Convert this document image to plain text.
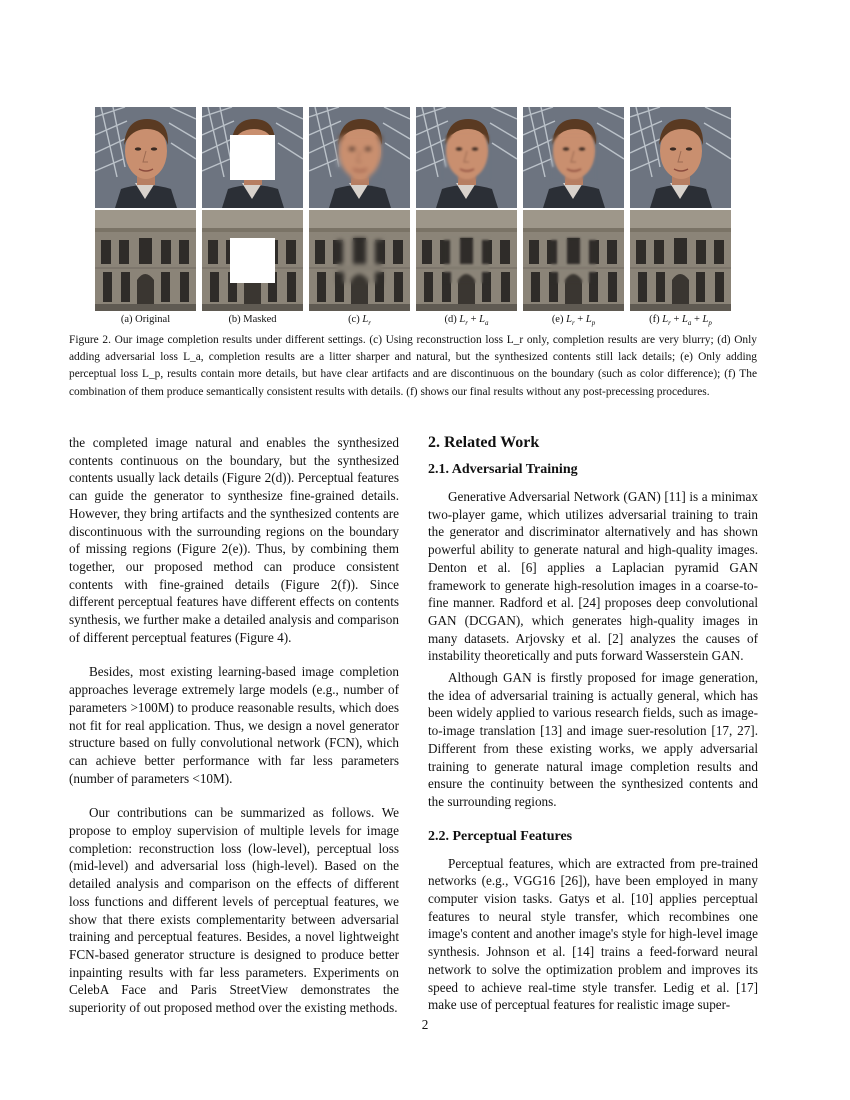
(a) Original	(b) Masked	(c) $L_r$	(d) $L_r + L_a$	(e) $L_r + L_p$	(f) $L_r + L_a + L_p$
Figure 2. Our image completion results under different settings. (c) Using reconstruction loss L_r only, completion results are very blurry; (d) Only adding adversarial loss L_a, completion results are a litter sharper and natural, but the synthesized contents still lack details; (e) Only adding perceptual loss L_p, results contain more details, but have clear artifacts and are discontinuous on the boundary (such as color difference); (f) The combination of them produce semantically consistent results with details. (f) shows our final results without any post-precessing procedures.

the completed image natural and enables the synthesized contents continuous on the boundary, but the synthesized contents usually lack details (Figure 2(d)). Perceptual features can guide the generator to synthesize fine-grained details. However, they bring artifacts and the synthesized contents are discontinuous with the surrounding regions on the boundary of missing regions (Figure 2(e)). Thus, by combining them together, our proposed method can produce consistent contents with fine-grained details (Figure 2(f)). Since different perceptual features have different effects on contents synthesis, we further make a detailed analysis and comparison of different perceptual features (Figure 4).

Besides, most existing learning-based image completion approaches leverage extremely large models (e.g., number of parameters >100M) to produce reasonable results, which does not fit for real application. Thus, we design a novel generator structure based on fully convolutional network (FCN), which can achieve better performance with far less parameters (number of parameters <10M).

Our contributions can be summarized as follows. We propose to employ supervision of multiple levels for image completion: reconstruction loss (low-level), perceptual loss (mid-level) and adversarial loss (high-level). Based on the detailed analysis and comparison on the effects of different loss functions and different levels of perceptual features, we show that there exists complementarity between adversarial training and perceptual features. Besides, a novel lightweight FCN-based generator structure is designed to produce better inpainting results with far less parameters. Experiments on CelebA Face and Paris StreetView demonstrates the superiority of out proposed method over the existing methods.

2. Related Work
2.1. Adversarial Training

Generative Adversarial Network (GAN) [11] is a minimax two-player game, which utilizes adversarial training to train the generator and discriminator alternatively and has shown powerful ability to generate natural and high-quality images. Denton et al. [6] applies a Laplacian pyramid GAN framework to generate high-resolution images in a coarse-to-fine manner. Radford et al. [24] proposes deep convolutional GAN (DCGAN), which generates high-quality images in many datasets. Arjovsky et al. [2] analyzes the causes of instability theoretically and puts forward Wasserstein GAN.

Although GAN is firstly proposed for image generation, the idea of adversarial training is actually general, which has been widely applied to various research fields, such as image-to-image translation [13] and image suer-resolution [17, 27]. Different from these existing works, we apply adversarial training to generate natural image completion results and ensure the continuity between the synthesized contents and the surrounding regions.

2.2. Perceptual Features

Perceptual features, which are extracted from pre-trained networks (e.g., VGG16 [26]), have been employed in many computer vision tasks. Gatys et al. [10] applies perceptual features to neural style transfer, which recombines one image's content and another image's style for high-level image synthesis. Johnson et al. [14] trains a feed-forward neural network to solve the optimization problem and improves its speed to achieve real-time style transfer. Ledig et al. [17] make use of perceptual features for realistic image super-

2
